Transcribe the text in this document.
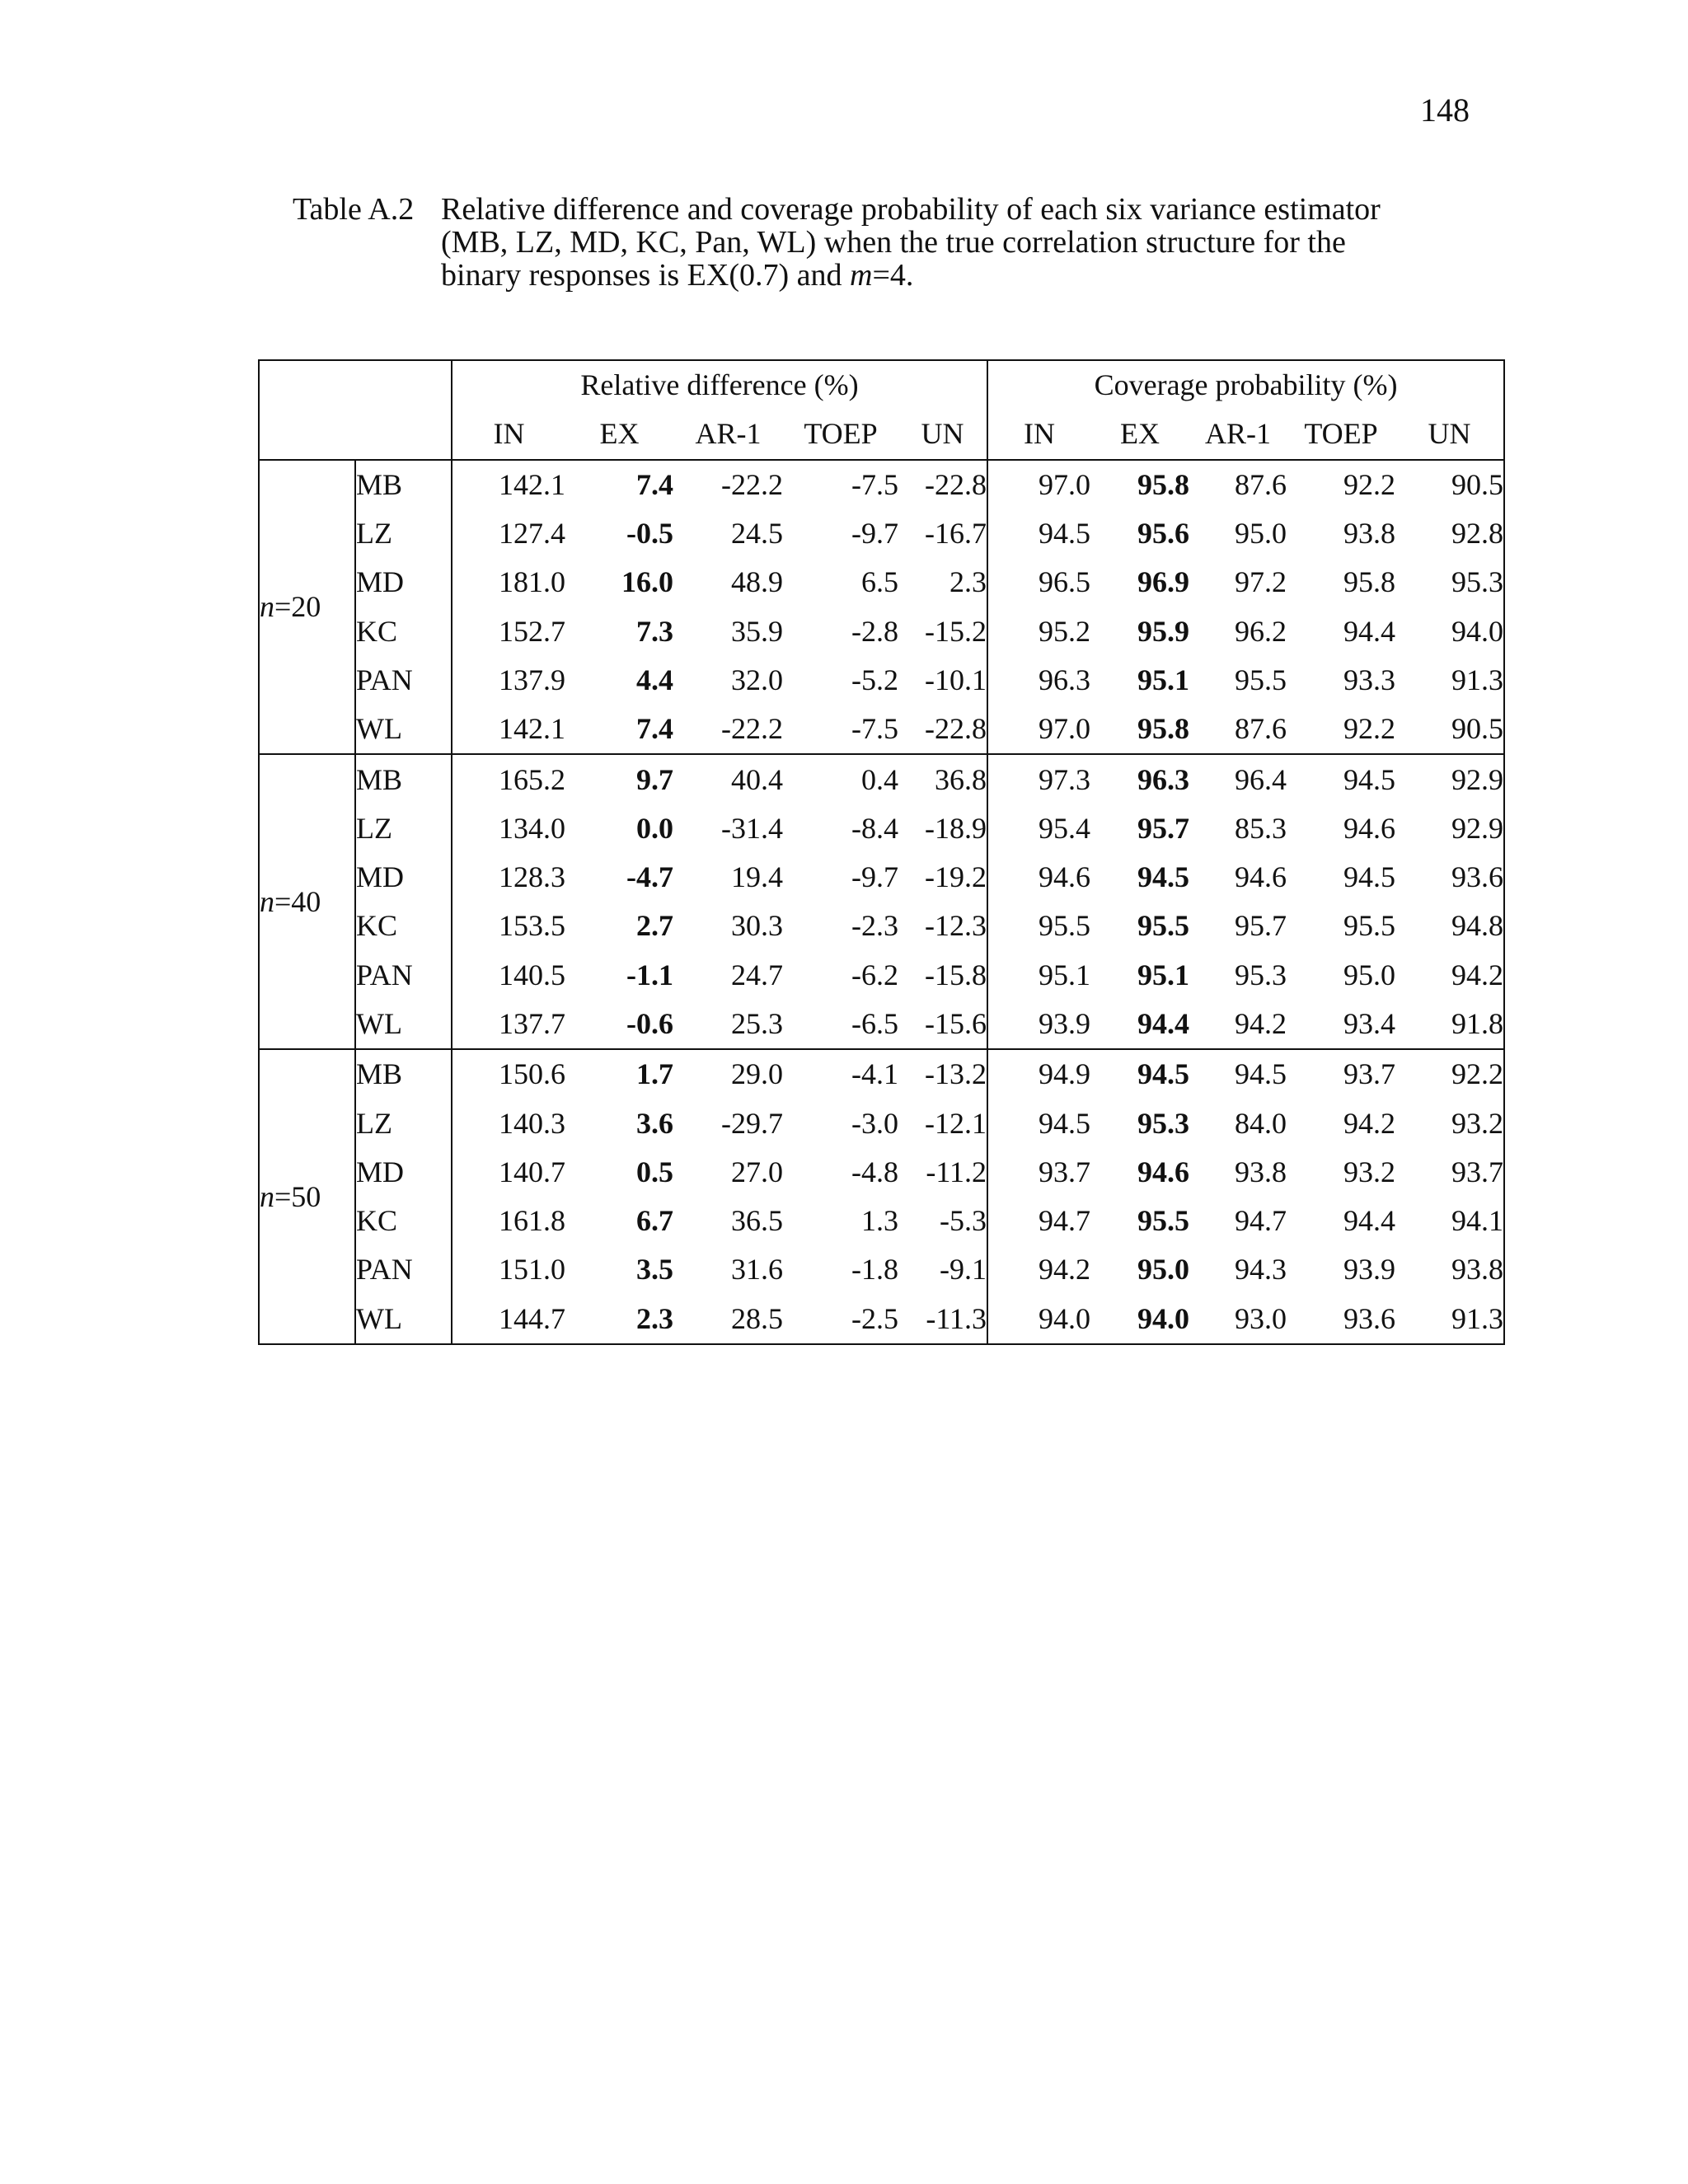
148
Table A.2 Relative difference and coverage probability of each six variance estimator
(MB, LZ, MD, KC, Pan, WL) when the true correlation structure for the
binary responses is EX(0.7) and m=4.
		Relative difference (%)					Coverage probability (%)				
		IN	EX	AR-1	TOEP	UN	IN	EX	AR-1	TOEP	UN
n=20	MB	142.1	7.4	-22.2	-7.5	-22.8	97.0	95.8	87.6	92.2	90.5
	LZ	127.4	-0.5	24.5	-9.7	-16.7	94.5	95.6	95.0	93.8	92.8
	MD	181.0	16.0	48.9	6.5	2.3	96.5	96.9	97.2	95.8	95.3
	KC	152.7	7.3	35.9	-2.8	-15.2	95.2	95.9	96.2	94.4	94.0
	PAN	137.9	4.4	32.0	-5.2	-10.1	96.3	95.1	95.5	93.3	91.3
	WL	142.1	7.4	-22.2	-7.5	-22.8	97.0	95.8	87.6	92.2	90.5
n=40	MB	165.2	9.7	40.4	0.4	36.8	97.3	96.3	96.4	94.5	92.9
	LZ	134.0	0.0	-31.4	-8.4	-18.9	95.4	95.7	85.3	94.6	92.9
	MD	128.3	-4.7	19.4	-9.7	-19.2	94.6	94.5	94.6	94.5	93.6
	KC	153.5	2.7	30.3	-2.3	-12.3	95.5	95.5	95.7	95.5	94.8
	PAN	140.5	-1.1	24.7	-6.2	-15.8	95.1	95.1	95.3	95.0	94.2
	WL	137.7	-0.6	25.3	-6.5	-15.6	93.9	94.4	94.2	93.4	91.8
n=50	MB	150.6	1.7	29.0	-4.1	-13.2	94.9	94.5	94.5	93.7	92.2
	LZ	140.3	3.6	-29.7	-3.0	-12.1	94.5	95.3	84.0	94.2	93.2
	MD	140.7	0.5	27.0	-4.8	-11.2	93.7	94.6	93.8	93.2	93.7
	KC	161.8	6.7	36.5	1.3	-5.3	94.7	95.5	94.7	94.4	94.1
	PAN	151.0	3.5	31.6	-1.8	-9.1	94.2	95.0	94.3	93.9	93.8
	WL	144.7	2.3	28.5	-2.5	-11.3	94.0	94.0	93.0	93.6	91.3
